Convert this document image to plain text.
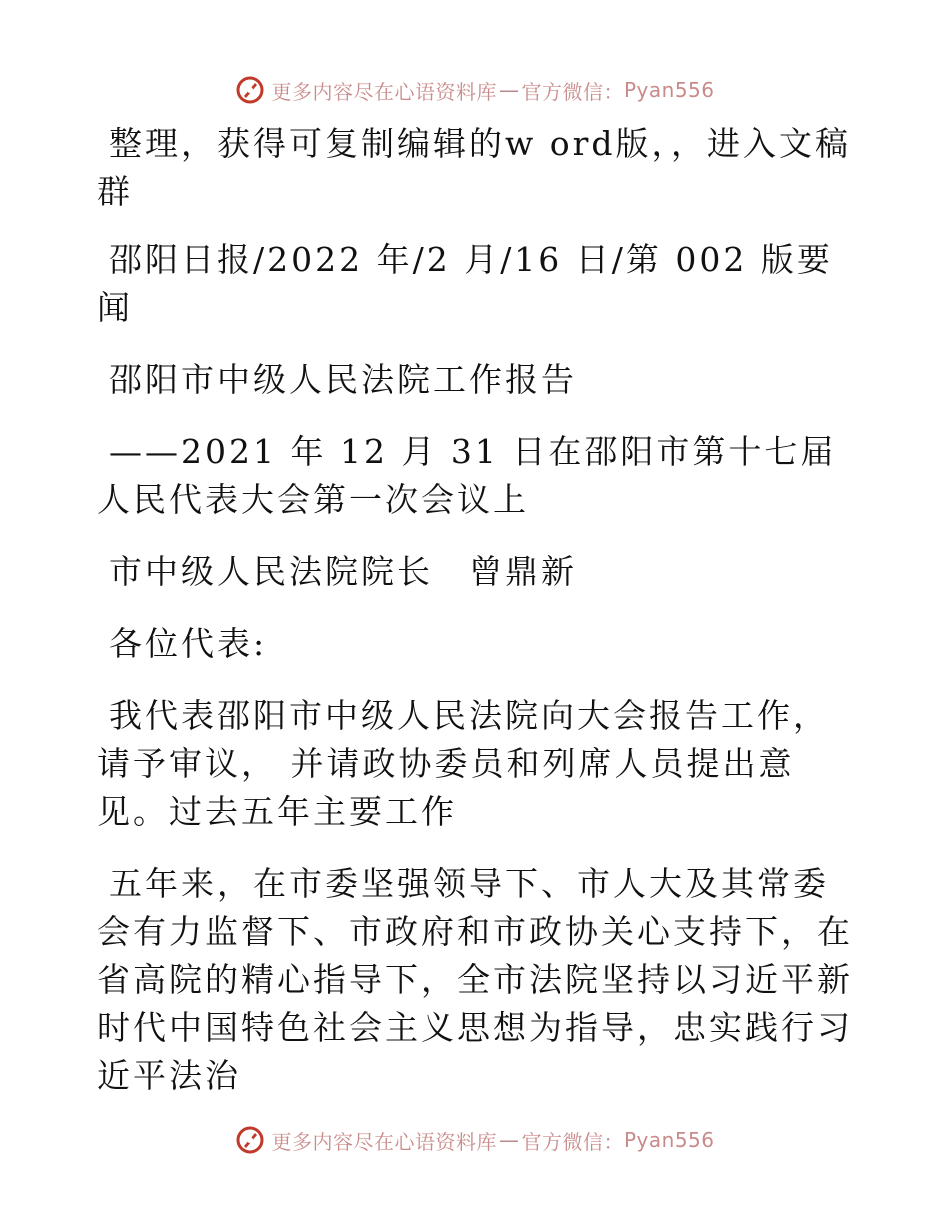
更多内容尽在心语资料库 — 官方微信： Pyan556

整理，获得可复制编辑的w ord版，，进入文稿群

邵阳日报/2022 年/2 月/16 日/第 002 版要闻

邵阳市中级人民法院工作报告

——2021 年 12 月 31 日在邵阳市第十七届人民代表大会第一次会议上

市中级人民法院院长　曾鼎新

各位代表:

我代表邵阳市中级人民法院向大会报告工作， 请予审议， 并请政协委员和列席人员提出意见。过去五年主要工作

五年来，在市委坚强领导下、市人大及其常委会有力监督下、市政府和市政协关心支持下，在省高院的精心指导下，全市法院坚持以习近平新时代中国特色社会主义思想为指导，忠实践行习近平法治

更多内容尽在心语资料库 — 官方微信： Pyan556
